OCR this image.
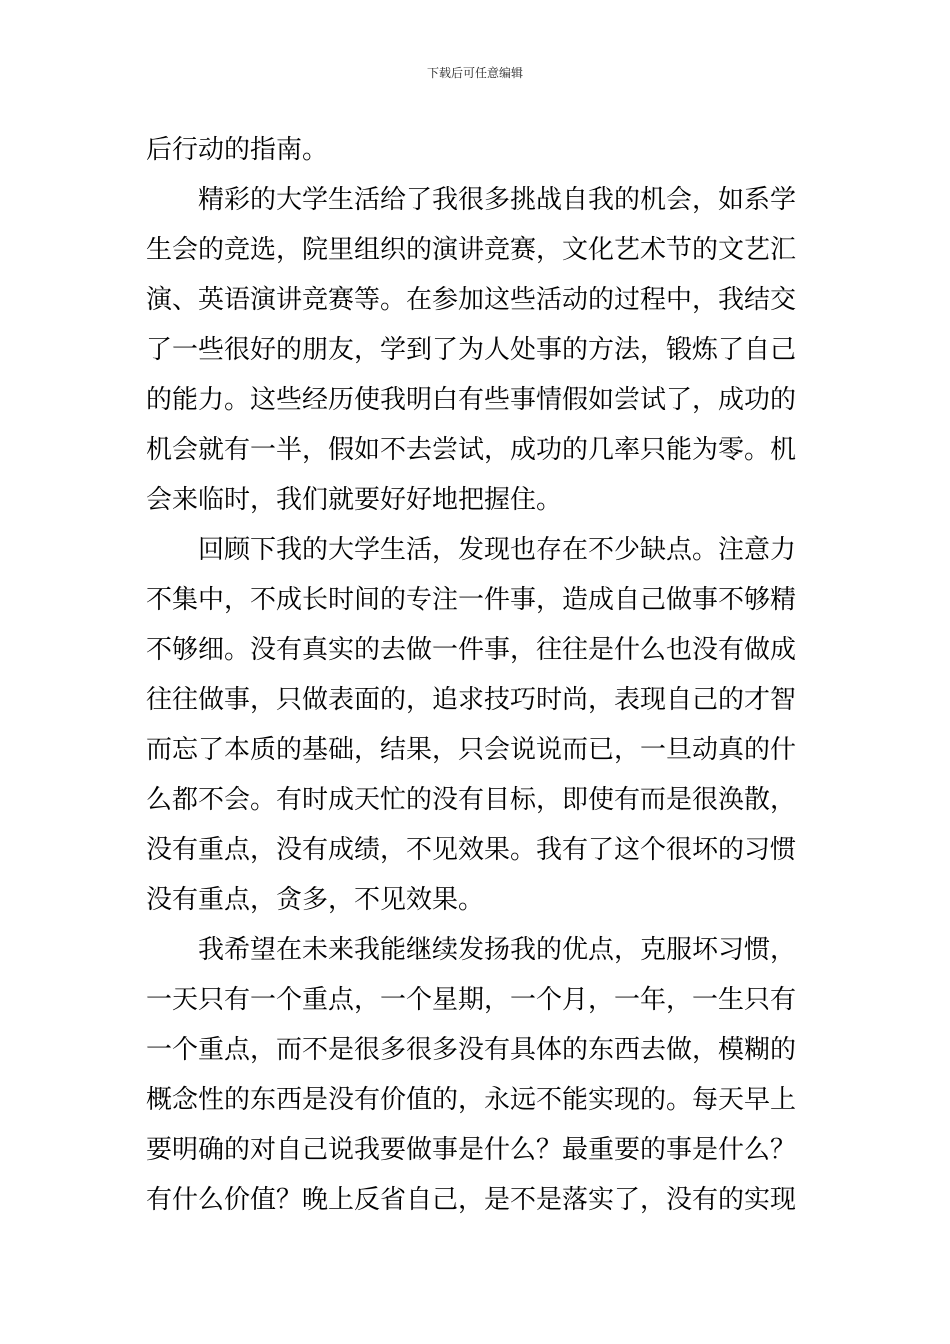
下载后可任意编辑
后行动的指南。
精彩的大学生活给了我很多挑战自我的机会，如系学
生会的竞选，院里组织的演讲竞赛，文化艺术节的文艺汇
演、英语演讲竞赛等。在参加这些活动的过程中，我结交
了一些很好的朋友，学到了为人处事的方法，锻炼了自己
的能力。这些经历使我明白有些事情假如尝试了，成功的
机会就有一半，假如不去尝试，成功的几率只能为零。机
会来临时，我们就要好好地把握住。
回顾下我的大学生活，发现也存在不少缺点。注意力
不集中，不成长时间的专注一件事，造成自己做事不够精
不够细。没有真实的去做一件事，往往是什么也没有做成
往往做事，只做表面的，追求技巧时尚，表现自己的才智
而忘了本质的基础，结果，只会说说而已，一旦动真的什
么都不会。有时成天忙的没有目标，即使有而是很涣散，
没有重点，没有成绩，不见效果。我有了这个很坏的习惯
没有重点，贪多，不见效果。
我希望在未来我能继续发扬我的优点，克服坏习惯，
一天只有一个重点，一个星期，一个月，一年，一生只有
一个重点，而不是很多很多没有具体的东西去做，模糊的
概念性的东西是没有价值的，永远不能实现的。每天早上
要明确的对自己说我要做事是什么？最重要的事是什么？
有什么价值？晚上反省自己，是不是落实了，没有的实现
